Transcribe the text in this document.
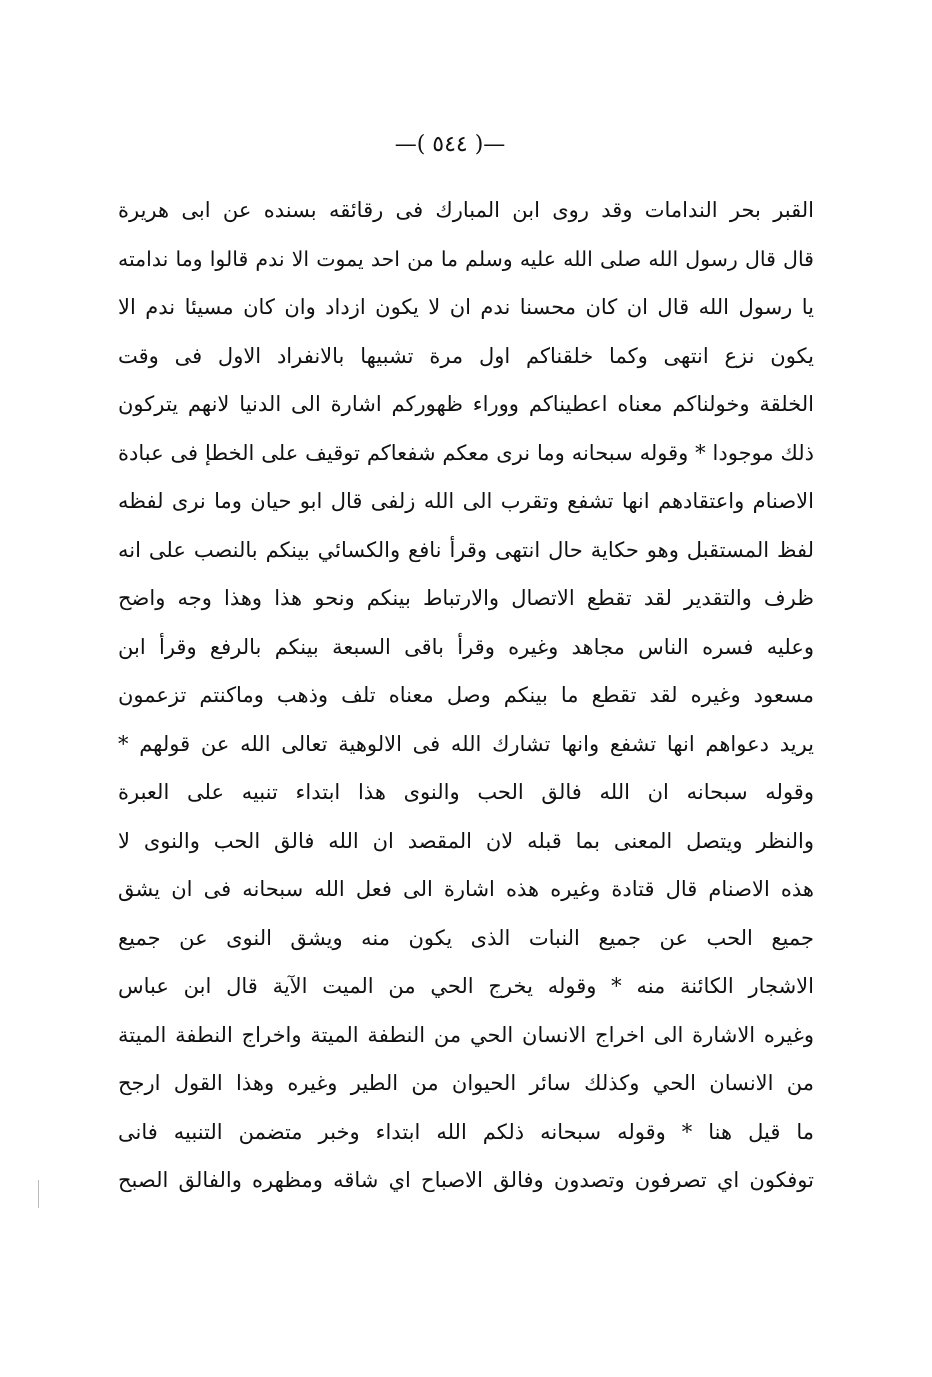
—( ٥٤٤ )—
القبر بحر الندامات وقد روى ابن المبارك فى رقائقه بسنده عن ابى هريرة
قال قال رسول الله صلى الله عليه وسلم ما من احد يموت الا ندم قالوا وما ندامته
يا رسول الله قال ان كان محسنا ندم ان لا يكون ازداد وان كان مسيئا ندم الا
يكون نزع انتهى وكما خلقناكم اول مرة تشبيها بالانفراد الاول فى وقت
الخلقة وخولناكم معناه اعطيناكم ووراء ظهوركم اشارة الى الدنيا لانهم يتركون
ذلك موجودا * وقوله سبحانه وما نرى معكم شفعاكم توقيف على الخطإ فى عبادة
الاصنام واعتقادهم انها تشفع وتقرب الى الله زلفى قال ابو حيان وما نرى لفظه
لفظ المستقبل وهو حكاية حال انتهى وقرأ نافع والكسائي بينكم بالنصب على انه
ظرف والتقدير لقد تقطع الاتصال والارتباط بينكم ونحو هذا وهذا وجه واضح
وعليه فسره الناس مجاهد وغيره وقرأ باقى السبعة بينكم بالرفع وقرأ ابن
مسعود وغيره لقد تقطع ما بينكم وصل معناه تلف وذهب وماكنتم تزعمون
يريد دعواهم انها تشفع وانها تشارك الله فى الالوهية تعالى الله عن قولهم *
وقوله سبحانه ان الله فالق الحب والنوى هذا ابتداء تنبيه على العبرة
والنظر ويتصل المعنى بما قبله لان المقصد ان الله فالق الحب والنوى لا
هذه الاصنام قال قتادة وغيره هذه اشارة الى فعل الله سبحانه فى ان يشق
جميع الحب عن جميع النبات الذى يكون منه ويشق النوى عن جميع
الاشجار الكائنة منه * وقوله يخرج الحي من الميت الآية قال ابن عباس
وغيره الاشارة الى اخراج الانسان الحي من النطفة الميتة واخراج النطفة الميتة
من الانسان الحي وكذلك سائر الحيوان من الطير وغيره وهذا القول ارجح
ما قيل هنا * وقوله سبحانه ذلكم الله ابتداء وخبر متضمن التنبيه فانى
توفكون اي تصرفون وتصدون وفالق الاصباح اي شاقه ومظهره والفالق الصبح
